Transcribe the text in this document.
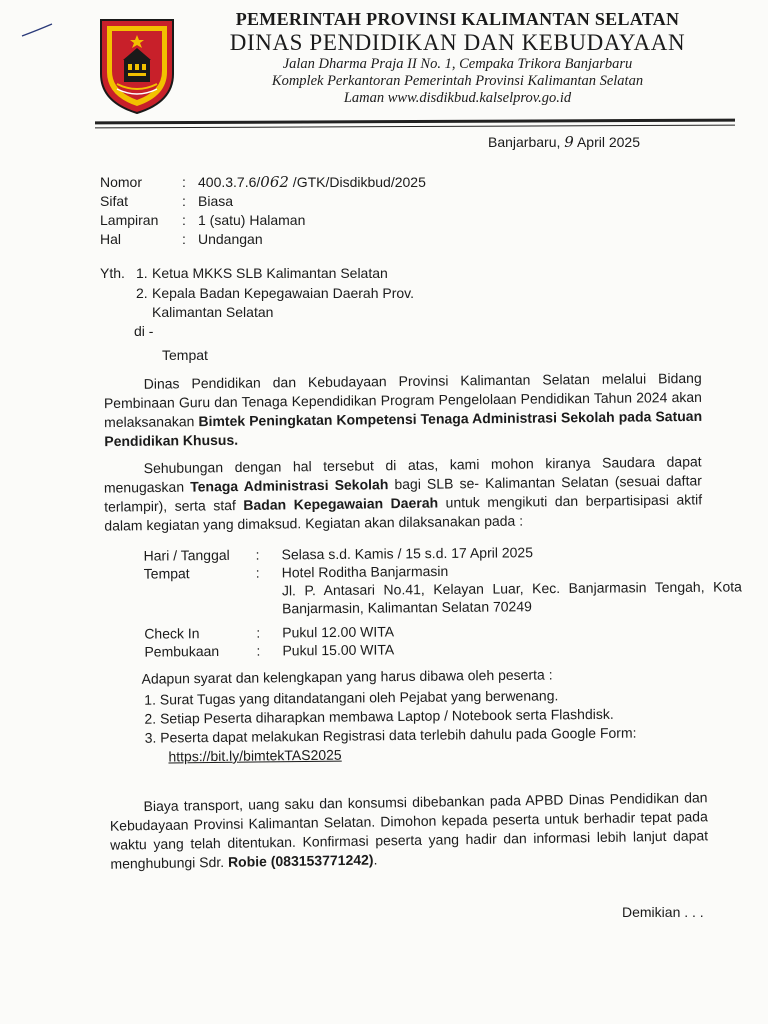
PEMERINTAH PROVINSI KALIMANTAN SELATAN
DINAS PENDIDIKAN DAN KEBUDAYAAN
Jalan Dharma Praja II No. 1, Cempaka Trikora Banjarbaru
Komplek Perkantoran Pemerintah Provinsi Kalimantan Selatan
Laman www.disdikbud.kalselprov.go.id
Banjarbaru, 9 April 2025
Nomor	: 400.3.7.6/062 /GTK/Disdikbud/2025
Sifat	: Biasa
Lampiran	: 1 (satu) Halaman
Hal	: Undangan
Yth. 1. Ketua MKKS SLB Kalimantan Selatan
2. Kepala Badan Kepegawaian Daerah Prov.
Kalimantan Selatan
di -
Tempat
Dinas Pendidikan dan Kebudayaan Provinsi Kalimantan Selatan melalui Bidang Pembinaan Guru dan Tenaga Kependidikan Program Pengelolaan Pendidikan Tahun 2024 akan melaksanakan Bimtek Peningkatan Kompetensi Tenaga Administrasi Sekolah pada Satuan Pendidikan Khusus.
Sehubungan dengan hal tersebut di atas, kami mohon kiranya Saudara dapat menugaskan Tenaga Administrasi Sekolah bagi SLB se- Kalimantan Selatan (sesuai daftar terlampir), serta staf Badan Kepegawaian Daerah untuk mengikuti dan berpartisipasi aktif dalam kegiatan yang dimaksud. Kegiatan akan dilaksanakan pada :
Hari / Tanggal	:	Selasa s.d. Kamis / 15 s.d. 17 April 2025
Tempat	:	Hotel Roditha Banjarmasin
Jl. P. Antasari No.41, Kelayan Luar, Kec. Banjarmasin Tengah, Kota Banjarmasin, Kalimantan Selatan 70249
Check In	:	Pukul 12.00 WITA
Pembukaan	:	Pukul 15.00 WITA
Adapun syarat dan kelengkapan yang harus dibawa oleh peserta :
1. Surat Tugas yang ditandatangani oleh Pejabat yang berwenang.
2. Setiap Peserta diharapkan membawa Laptop / Notebook serta Flashdisk.
3. Peserta dapat melakukan Registrasi data terlebih dahulu pada Google Form:
https://bit.ly/bimtekTAS2025
Biaya transport, uang saku dan konsumsi dibebankan pada APBD Dinas Pendidikan dan Kebudayaan Provinsi Kalimantan Selatan. Dimohon kepada peserta untuk berhadir tepat pada waktu yang telah ditentukan. Konfirmasi peserta yang hadir dan informasi lebih lanjut dapat menghubungi Sdr. Robie (083153771242).
Demikian . . .
